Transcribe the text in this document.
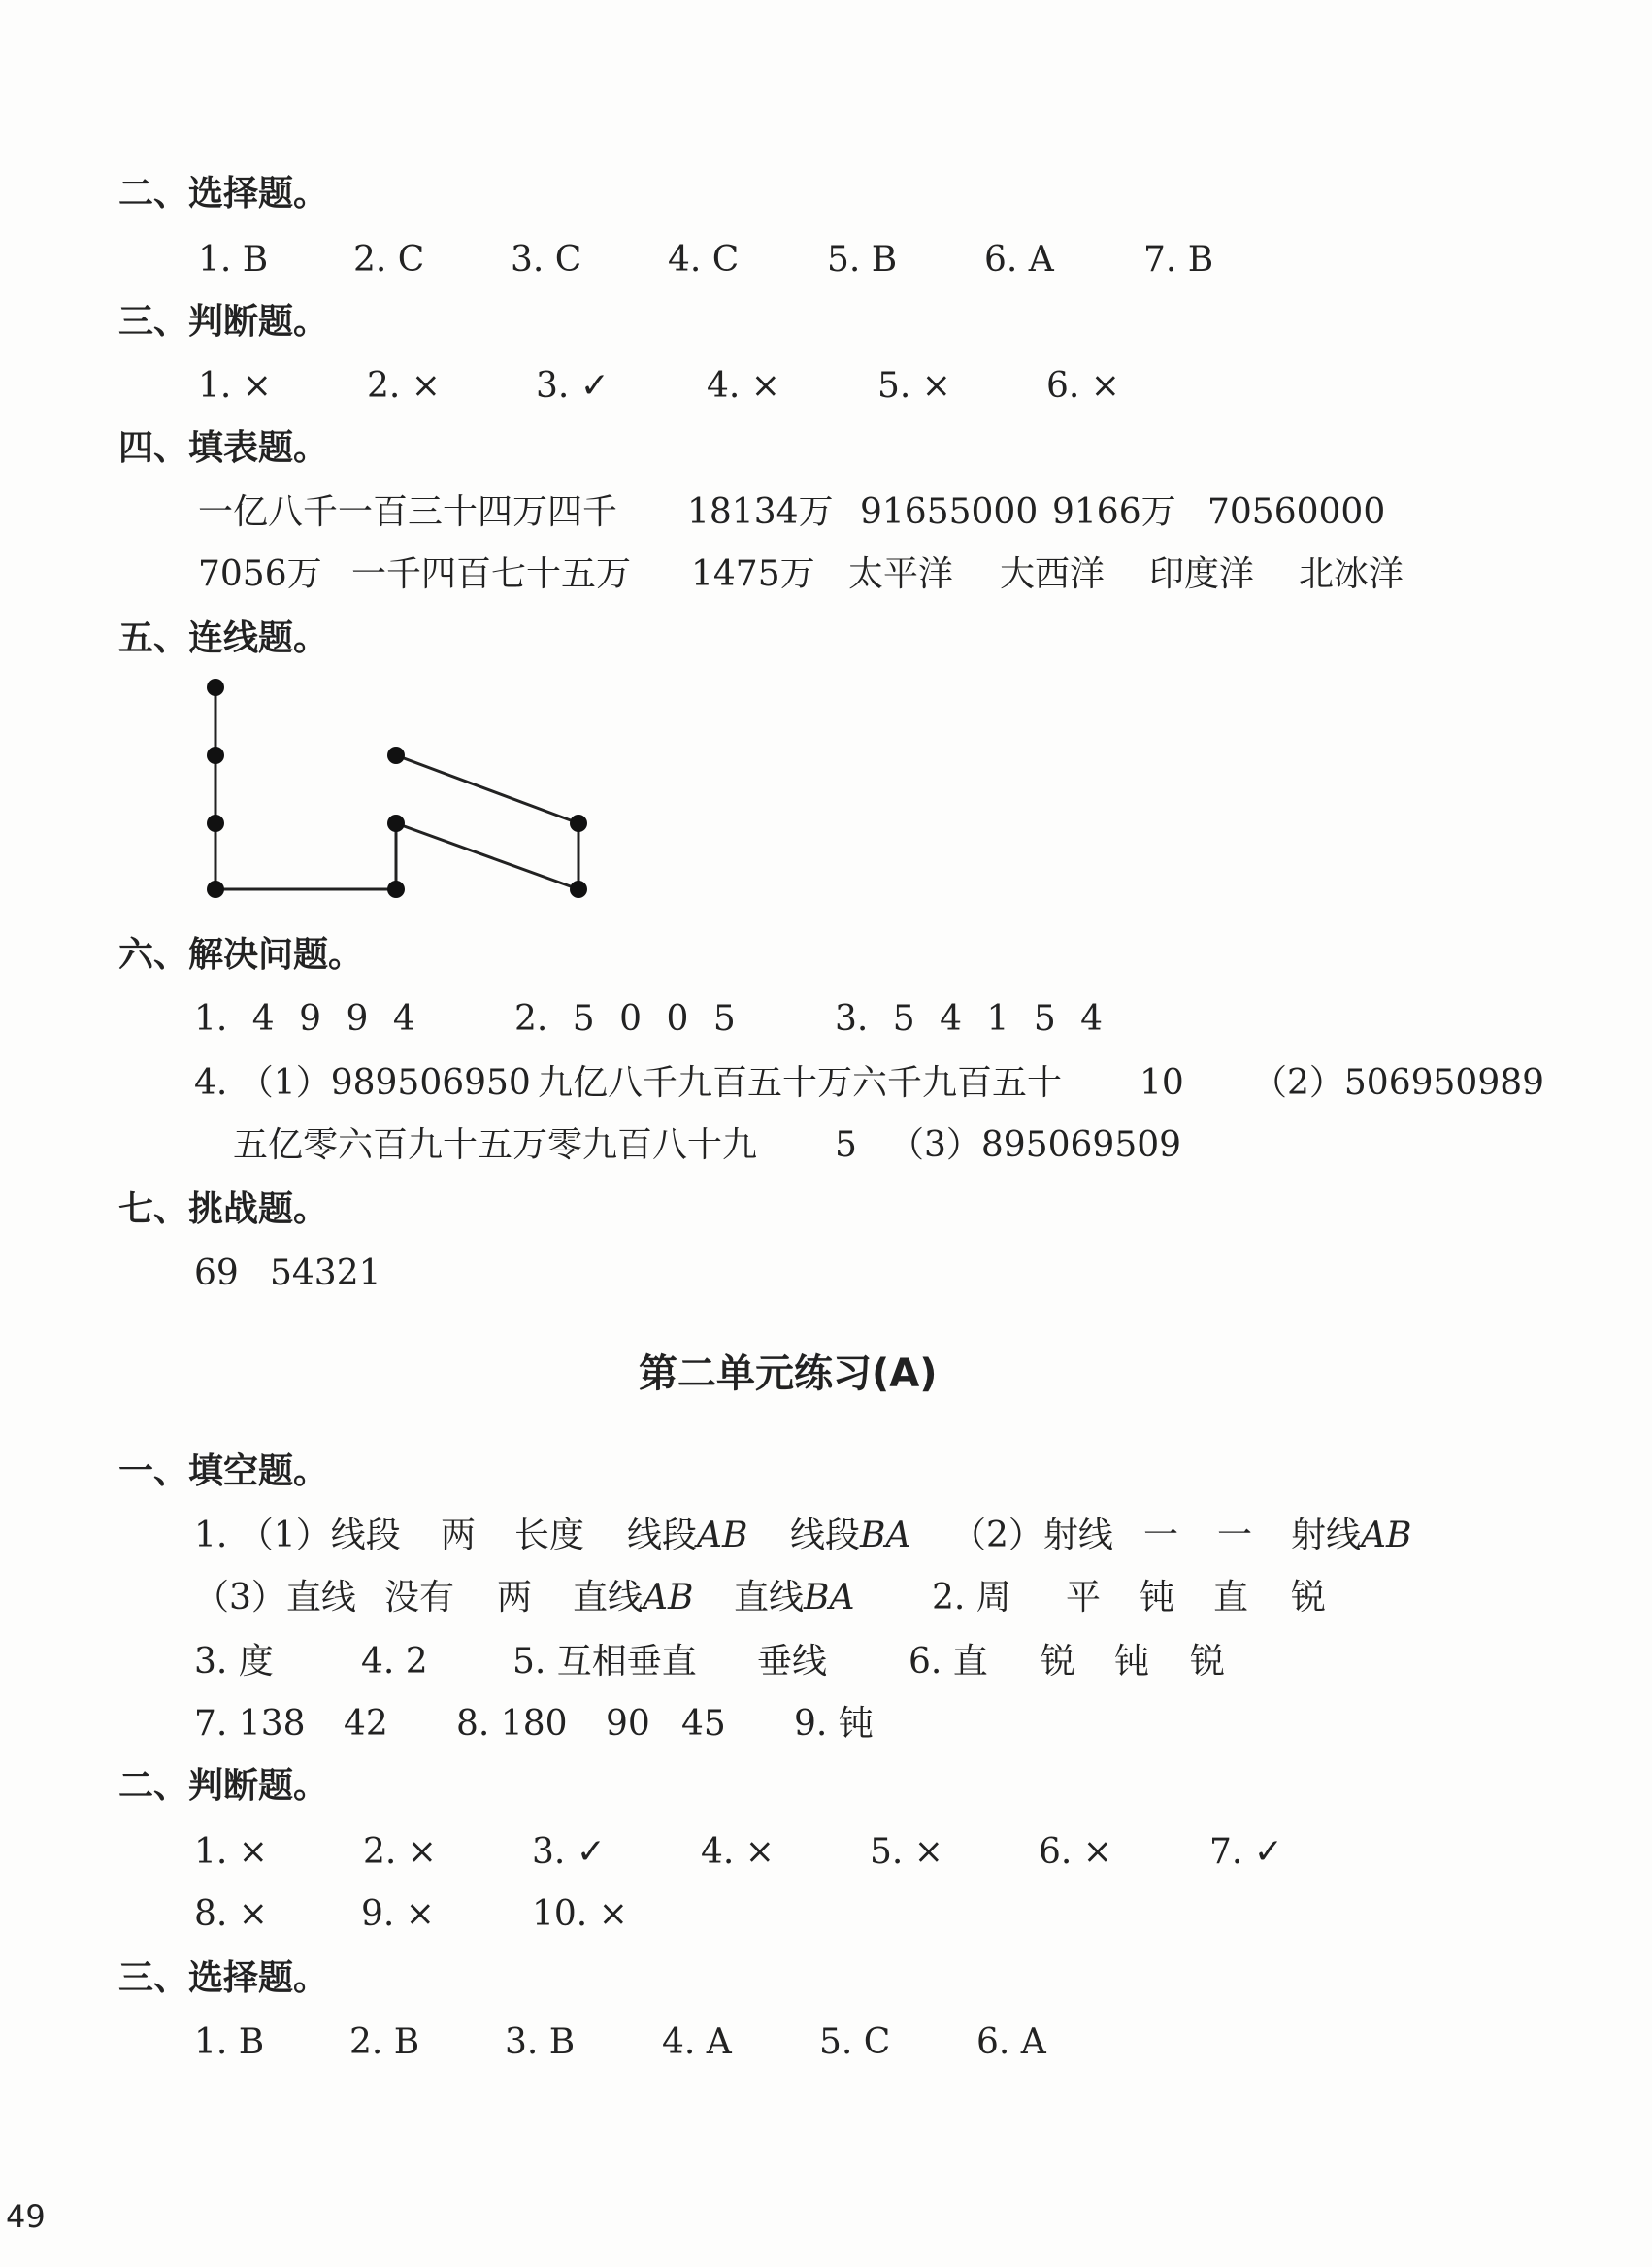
二、选择题。
1. B 2. C 3. C 4. C	5. B 6. A	7. B
三、判断题。
1. ×	2. ×	3. ✓	4. ×	5. ×	6. ×
四、填表题。
一亿八千一百三十四万四千 18134万 91655000 9166万 70560000
7056万 一千四百七十五万 1475万 太平洋 大西洋 印度洋 北冰洋
五、连线题。
六、解决问题。
1. 4 9 9 4	2. 5 0 0 5	3. 5 4 1 5 4
4. （1）989506950 九亿八千九百五十万六千九百五十 10 （2）506950989
五亿零六百九十五万零九百八十九 5 （3）895069509
七、挑战题。
69 54321
第二单元练习(A)
一、填空题。
1. （1）线段 两 长度 线段AB 线段BA （2）射线 一 一 射线AB
（3）直线 没有 两 直线AB 直线BA 2. 周 平 钝 直 锐
3. 度	4. 2 5. 互相垂直 垂线 6. 直 锐 钝 锐
7. 138 42 8. 180 90 45 9. 钝
二、判断题。
1. ×	2. ×	3. ✓	4. ×	5. ×	6. ×	7. ✓
8. ×	9. ×	10. ×
三、选择题。
1. B 2. B 3. B 4. A	5. C 6. A
49
